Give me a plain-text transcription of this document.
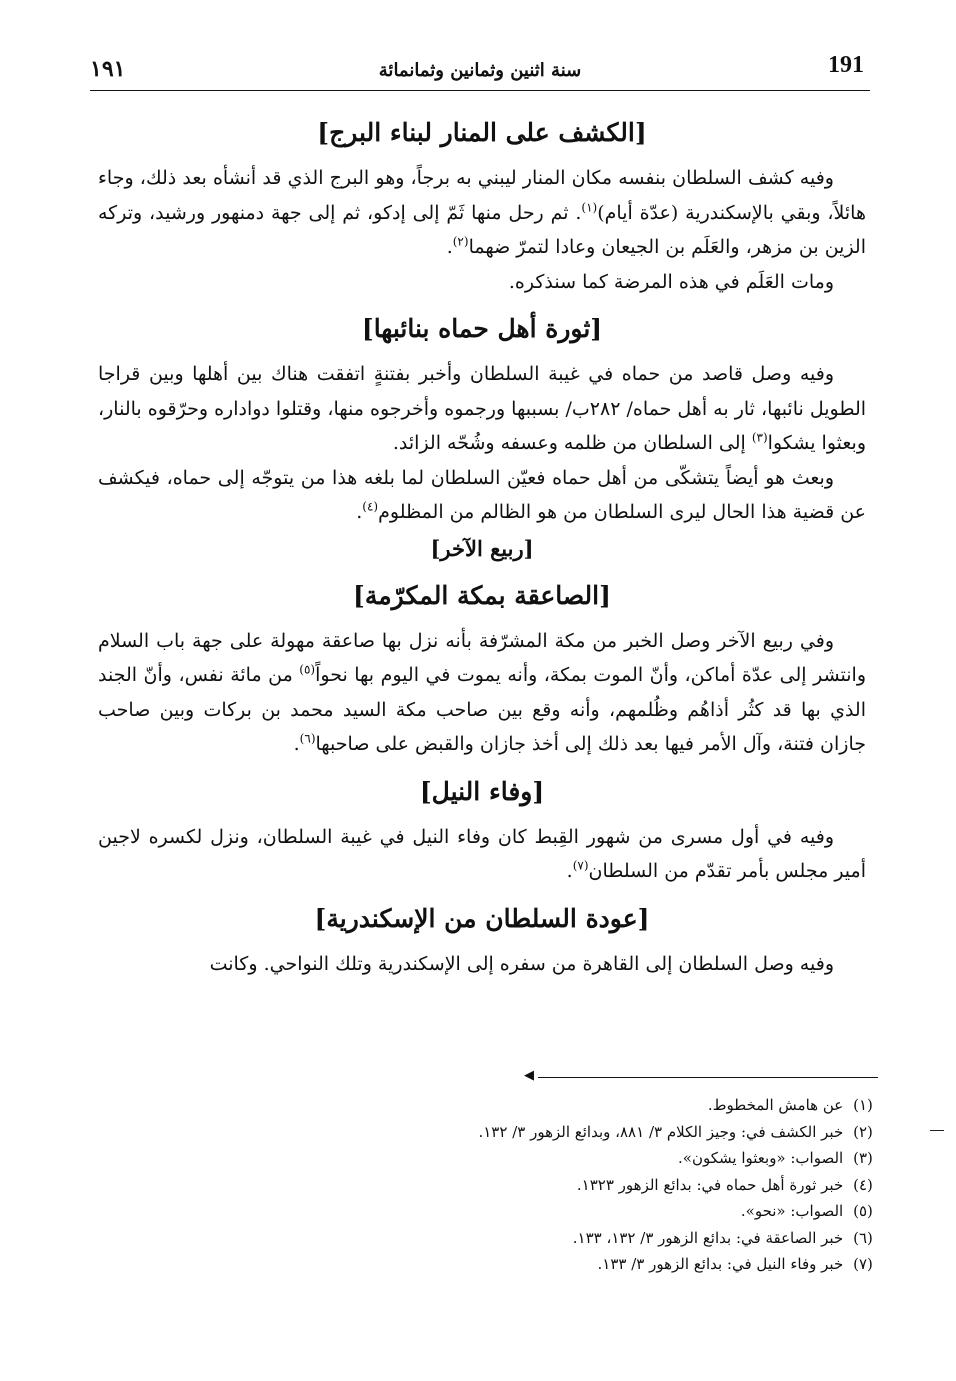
191
سنة اثنين وثمانين وثمانمائة
١٩١
[الكشف على المنار لبناء البرج]

وفيه كشف السلطان بنفسه مكان المنار ليبني به برجاً، وهو البرج الذي قد أنشأه بعد ذلك، وجاء هائلاً، وبقي بالإسكندرية (عدّة أيام)$^{(١)}$. ثم رحل منها ثَمّ إلى إدكو، ثم إلى جهة دمنهور ورشيد، وتركه الزين بن مزهر، والعَلَم بن الجيعان وعادا لتمرّ ضهما$^{(٢)}$.

ومات العَلَم في هذه المرضة كما سنذكره.

[ثورة أهل حماه بنائبها]

وفيه وصل قاصد من حماه في غيبة السلطان وأخبر بفتنةٍ اتفقت هناك بين أهلها وبين قراجا الطويل نائبها، ثار به أهل حماه/ ٢٨٢ب/ بسببها ورجموه وأخرجوه منها، وقتلوا دواداره وحرّقوه بالنار، وبعثوا يشكوا$^{(٣)}$ إلى السلطان من ظلمه وعسفه وشُحّه الزائد.

وبعث هو أيضاً يتشكّى من أهل حماه فعيّن السلطان لما بلغه هذا من يتوجّه إلى حماه، فيكشف عن قضية هذا الحال ليرى السلطان من هو الظالم من المظلوم$^{(٤)}$.

[ربيع الآخر]
[الصاعقة بمكة المكرّمة]

وفي ربيع الآخر وصل الخبر من مكة المشرّفة بأنه نزل بها صاعقة مهولة على جهة باب السلام وانتشر إلى عدّة أماكن، وأنّ الموت بمكة، وأنه يموت في اليوم بها نحواً$^{(٥)}$ من مائة نفس، وأنّ الجند الذي بها قد كثُر أذاهُم وظُلمهم، وأنه وقع بين صاحب مكة السيد محمد بن بركات وبين صاحب جازان فتنة، وآل الأمر فيها بعد ذلك إلى أخذ جازان والقبض على صاحبها$^{(٦)}$.

[وفاء النيل]

وفيه في أول مسرى من شهور القِبط كان وفاء النيل في غيبة السلطان، ونزل لكسره لاجين أمير مجلس بأمر تقدّم من السلطان$^{(٧)}$.

[عودة السلطان من الإسكندرية]

وفيه وصل السلطان إلى القاهرة من سفره إلى الإسكندرية وتلك النواحي. وكانت

◀
(١) عن هامش المخطوط.
(٢) خبر الكشف في: وجيز الكلام ٣/ ٨٨١، وبدائع الزهور ٣/ ١٣٢.
(٣) الصواب: «وبعثوا يشكون».
(٤) خبر ثورة أهل حماه في: بدائع الزهور ١٣٢٣.
(٥) الصواب: «نحو».
(٦) خبر الصاعقة في: بدائع الزهور ٣/ ١٣٢، ١٣٣.
(٧) خبر وفاء النيل في: بدائع الزهور ٣/ ١٣٣.
